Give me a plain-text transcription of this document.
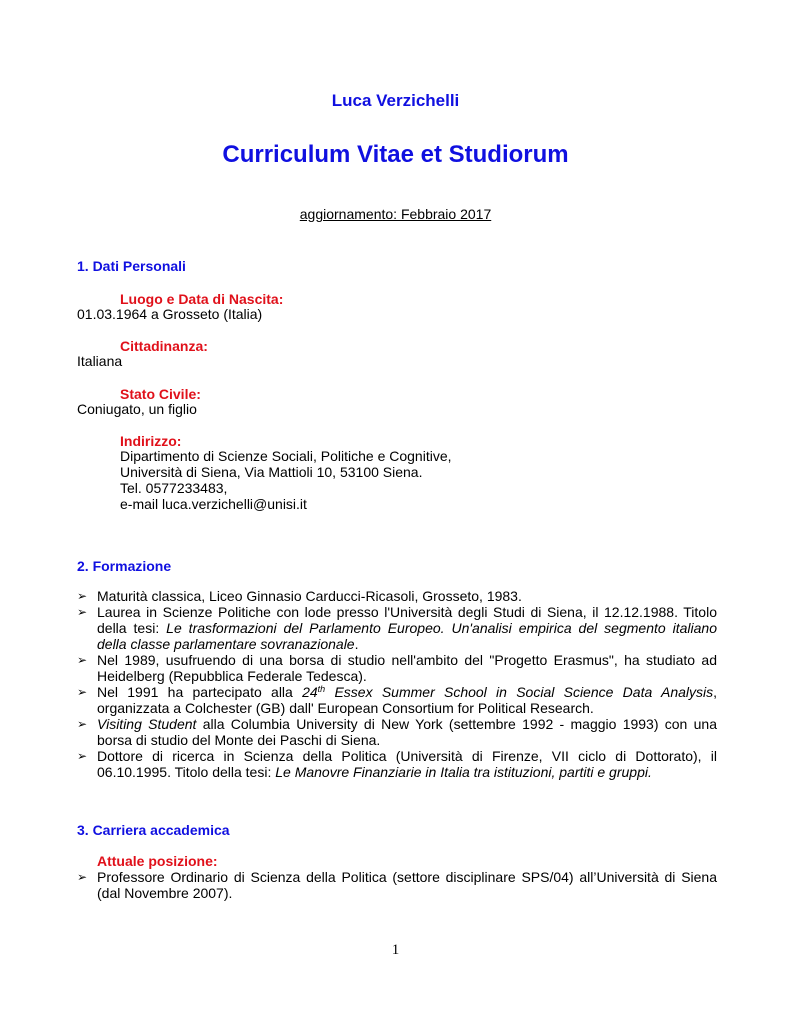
Luca Verzichelli
Curriculum Vitae et Studiorum
aggiornamento: Febbraio 2017
1. Dati Personali
Luogo e Data di Nascita:
01.03.1964 a Grosseto (Italia)
Cittadinanza:
Italiana
Stato Civile:
Coniugato, un figlio
Indirizzo:
Dipartimento di Scienze Sociali, Politiche e Cognitive,
Università di Siena, Via Mattioli 10, 53100 Siena.
Tel. 0577233483,
e-mail luca.verzichelli@unisi.it
2. Formazione
➢ Maturità classica, Liceo Ginnasio Carducci-Ricasoli, Grosseto, 1983.
➢ Laurea in Scienze Politiche con lode presso l'Università degli Studi di Siena, il 12.12.1988. Titolo
della tesi: Le trasformazioni del Parlamento Europeo. Un'analisi empirica del segmento italiano
della classe parlamentare sovranazionale.
➢ Nel 1989, usufruendo di una borsa di studio nell'ambito del "Progetto Erasmus", ha studiato ad
Heidelberg (Repubblica Federale Tedesca).
➢ Nel 1991 ha partecipato alla 24th Essex Summer School in Social Science Data Analysis,
organizzata a Colchester (GB) dall' European Consortium for Political Research.
➢ Visiting Student alla Columbia University di New York (settembre 1992 - maggio 1993) con una
borsa di studio del Monte dei Paschi di Siena.
➢ Dottore di ricerca in Scienza della Politica (Università di Firenze, VII ciclo di Dottorato), il
06.10.1995. Titolo della tesi: Le Manovre Finanziarie in Italia tra istituzioni, partiti e gruppi.
3. Carriera accademica
Attuale posizione:
➢ Professore Ordinario di Scienza della Politica (settore disciplinare SPS/04) all’Università di Siena
(dal Novembre 2007).
1
